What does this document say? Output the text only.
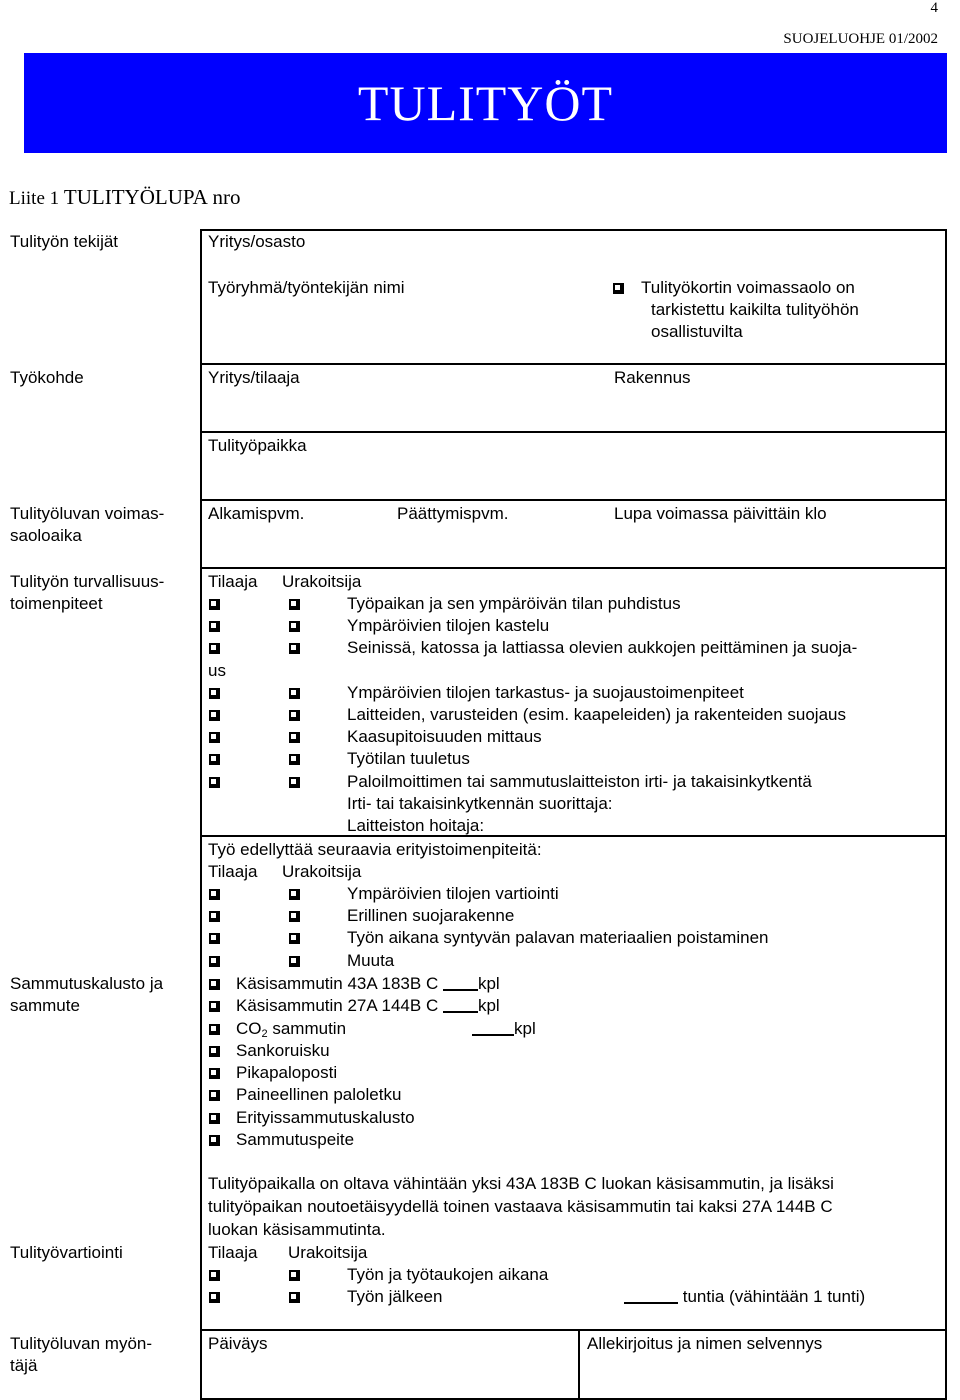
4
SUOJELUOHJE 01/2002
TULITYÖT
Liite 1 TULITYÖLUPA nro
Tulityön tekijät	Yritys/osasto
Työryhmä/työntekijän nimi	Tulityökortin voimassaolo on
tarkistettu kaikilta tulityöhön
osallistuvilta
Työkohde	Yritys/tilaaja	Rakennus
Tulityöpaikka
Tulityöluvan voimas-
saoloaika
Alkamispvm.	Päättymispvm.	Lupa voimassa päivittäin klo
Tulityön turvallisuus-
toimenpiteet
Tilaaja Urakoitsija
Työpaikan ja sen ympäröivän tilan puhdistus
Ympäröivien tilojen kastelu
Seinissä, katossa ja lattiassa olevien aukkojen peittäminen ja suoja-
us
Ympäröivien tilojen tarkastus- ja suojaustoimenpiteet
Laitteiden, varusteiden (esim. kaapeleiden) ja rakenteiden suojaus
Kaasupitoisuuden mittaus
Työtilan tuuletus
Paloilmoittimen tai sammutuslaitteiston irti- ja takaisinkytkentä
Irti- tai takaisinkytkennän suorittaja:
Laitteiston hoitaja:
Työ edellyttää seuraavia erityistoimenpiteitä:
Tilaaja Urakoitsija
Ympäröivien tilojen vartiointi
Erillinen suojarakenne
Työn aikana syntyvän palavan materiaalien poistaminen
Muuta
Sammutuskalusto ja
sammute
Käsisammutin 43A 183B C kpl
Käsisammutin 27A 144B C kpl
$CO_2$ sammutin	kpl
Sankoruisku
Pikapaloposti
Paineellinen paloletku
Erityissammutuskalusto
Sammutuspeite
Tulityöpaikalla on oltava vähintään yksi 43A 183B C luokan käsisammutin, ja lisäksi
tulityöpaikan noutoetäisyydellä toinen vastaava käsisammutin tai kaksi 27A 144B C
luokan käsisammutinta.
Tulityövartiointi	Tilaaja Urakoitsija
Työn ja työtaukojen aikana
Työn jälkeen	tuntia (vähintään 1 tunti)
Tulityöluvan myön-
täjä
Päiväys	Allekirjoitus ja nimen selvennys
